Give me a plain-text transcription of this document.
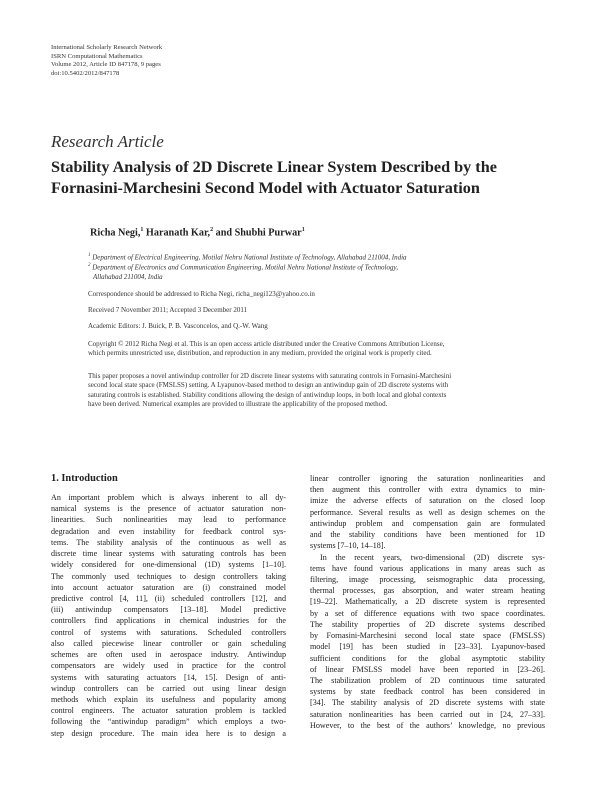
International Scholarly Research Network
ISRN Computational Mathematics
Volume 2012, Article ID 847178, 9 pages
doi:10.5402/2012/847178
Research Article
Stability Analysis of 2D Discrete Linear System Described by the
Fornasini-Marchesini Second Model with Actuator Saturation
Richa Negi,$^1$ Haranath Kar,$^2$ and Shubhi Purwar$^1$
$^1$ Department of Electrical Engineering, Motilal Nehru National Institute of Technology, Allahabad 211004, India
$^2$ Department of Electronics and Communication Engineering, Motilal Nehru National Institute of Technology,
Allahabad 211004, India
Correspondence should be addressed to Richa Negi, richa_negi123@yahoo.co.in
Received 7 November 2011; Accepted 3 December 2011
Academic Editors: J. Buick, P. B. Vasconcelos, and Q.-W. Wang
Copyright © 2012 Richa Negi et al. This is an open access article distributed under the Creative Commons Attribution License,
which permits unrestricted use, distribution, and reproduction in any medium, provided the original work is properly cited.
This paper proposes a novel antiwindup controller for 2D discrete linear systems with saturating controls in Fornasini-Marchesini
second local state space (FMSLSS) setting. A Lyapunov-based method to design an antiwindup gain of 2D discrete systems with
saturating controls is established. Stability conditions allowing the design of antiwindup loops, in both local and global contexts
have been derived. Numerical examples are provided to illustrate the applicability of the proposed method.
1. Introduction
An important problem which is always inherent to all dy-
namical systems is the presence of actuator saturation non-
linearities. Such nonlinearities may lead to performance
degradation and even instability for feedback control sys-
tems. The stability analysis of the continuous as well as
discrete time linear systems with saturating controls has been
widely considered for one-dimensional (1D) systems [1–10].
The commonly used techniques to design controllers taking
into account actuator saturation are (i) constrained model
predictive control [4, 11], (ii) scheduled controllers [12], and
(iii) antiwindup compensators [13–18]. Model predictive
controllers find applications in chemical industries for the
control of systems with saturations. Scheduled controllers
also called piecewise linear controller or gain scheduling
schemes are often used in aerospace industry. Antiwindup
compensators are widely used in practice for the control
systems with saturating actuators [14, 15]. Design of anti-
windup controllers can be carried out using linear design
methods which explain its usefulness and popularity among
control engineers. The actuator saturation problem is tackled
following the “antiwindup paradigm” which employs a two-
step design procedure. The main idea here is to design a
linear controller ignoring the saturation nonlinearities and
then augment this controller with extra dynamics to min-
imize the adverse effects of saturation on the closed loop
performance. Several results as well as design schemes on the
antiwindup problem and compensation gain are formulated
and the stability conditions have been mentioned for 1D
systems [7–10, 14–18].
In the recent years, two-dimensional (2D) discrete sys-
tems have found various applications in many areas such as
filtering, image processing, seismographic data processing,
thermal processes, gas absorption, and water stream heating
[19–22]. Mathematically, a 2D discrete system is represented
by a set of difference equations with two space coordinates.
The stability properties of 2D discrete systems described
by Fornasini-Marchesini second local state space (FMSLSS)
model [19] has been studied in [23–33]. Lyapunov-based
sufficient conditions for the global asymptotic stability
of linear FMSLSS model have been reported in [23–26].
The stabilization problem of 2D continuous time saturated
systems by state feedback control has been considered in
[34]. The stability analysis of 2D discrete systems with state
saturation nonlinearities has been carried out in [24, 27–33].
However, to the best of the authors’ knowledge, no previous
